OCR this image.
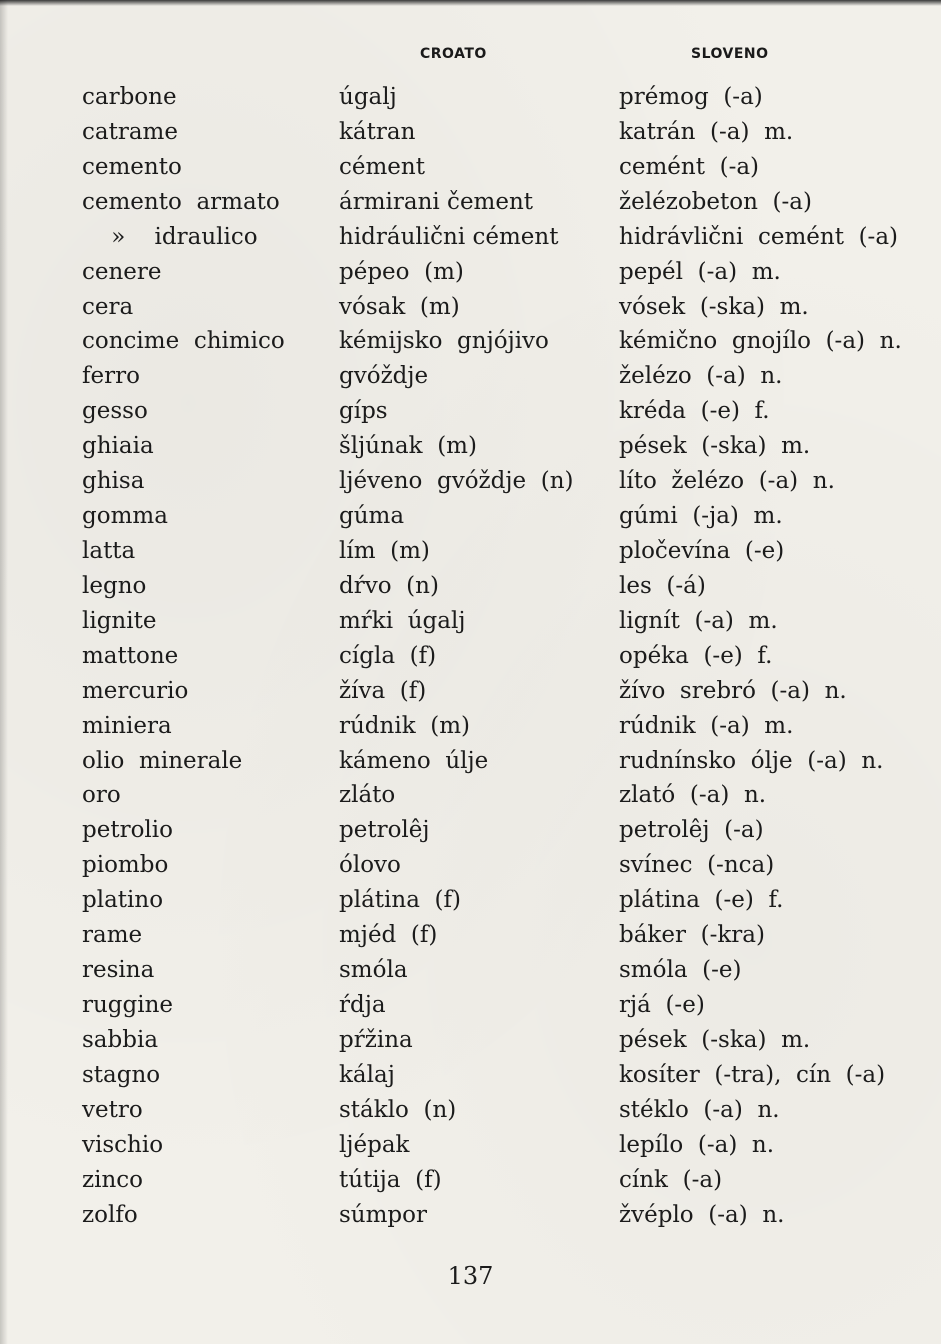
CROATO	SLOVENO
carbone
catrame
cemento
cemento  armato
»    idraulico
cenere
cera
concime  chimico
ferro
gesso
ghiaia
ghisa
gomma
latta
legno
lignite
mattone
mercurio
miniera
olio  minerale
oro
petrolio
piombo
platino
rame
resina
ruggine
sabbia
stagno
vetro
vischio
zinco
zolfo
úgalj
kátran
cément
ármirani čement
hidráulični cément
pépeo  (m)
vósak  (m)
kémijsko  gnjójivo
gvóždje
gíps
šljúnak  (m)
ljéveno  gvóždje  (n)
gúma
lím  (m)
dŕvo  (n)
mŕki  úgalj
cígla  (f)
žíva  (f)
rúdnik  (m)
kámeno  úlje
zláto
petrolêj
ólovo
plátina  (f)
mjéd  (f)
smóla
ŕdja
pŕžina
kálaj
stáklo  (n)
ljépak
tútija  (f)
súmpor
prémog  (-a)
katrán  (-a)  m.
cemént  (-a)
želézobeton  (-a)
hidrávlični  cemént  (-a)
pepél  (-a)  m.
vósek  (-ska)  m.
kémično  gnojílo  (-a)  n.
želézo  (-a)  n.
kréda  (-e)  f.
pések  (-ska)  m.
líto  želézo  (-a)  n.
gúmi  (-ja)  m.
pločevína  (-e)
les  (-á)
lignít  (-a)  m.
opéka  (-e)  f.
žívo  srebró  (-a)  n.
rúdnik  (-a)  m.
rudnínsko  ólje  (-a)  n.
zlató  (-a)  n.
petrolêj  (-a)
svínec  (-nca)
plátina  (-e)  f.
báker  (-kra)
smóla  (-e)
rjá  (-e)
pések  (-ska)  m.
kosíter  (-tra),  cín  (-a)
stéklo  (-a)  n.
lepílo  (-a)  n.
cínk  (-a)
žvéplo  (-a)  n.
137
